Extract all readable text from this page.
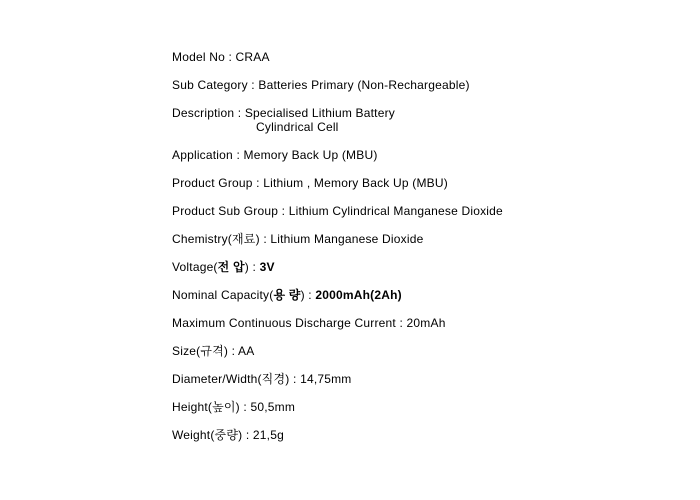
Model No : CRAA
Sub Category : Batteries Primary (Non-Rechargeable)
Description : Specialised Lithium Battery
Cylindrical Cell
Application : Memory Back Up (MBU)
Product Group : Lithium , Memory Back Up (MBU)
Product Sub Group : Lithium Cylindrical Manganese Dioxide
Chemistry(재료) : Lithium Manganese Dioxide
Voltage(전 압) : 3V
Nominal Capacity(용 량) : 2000mAh(2Ah)
Maximum Continuous Discharge Current : 20mAh
Size(규격) : AA
Diameter/Width(직경) : 14,75mm
Height(높이) : 50,5mm
Weight(중량) : 21,5g
